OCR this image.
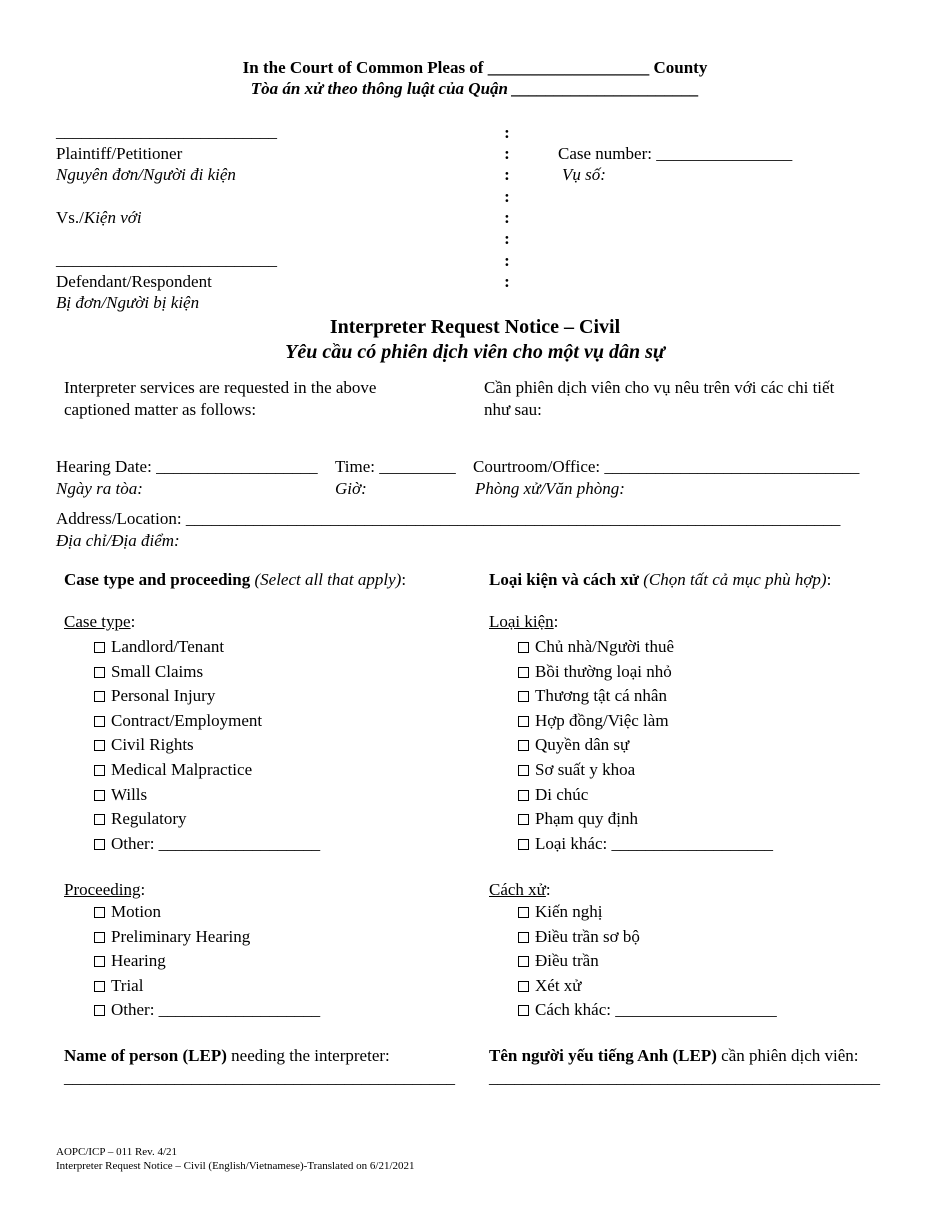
In the Court of Common Pleas of ___________________ County
Tòa án xử theo thông luật của Quận ______________________
__________________________
Plaintiff/Petitioner
Nguyên đơn/Người đi kiện
Vs./Kiện với
__________________________
Defendant/Respondent
Bị đơn/Người bị kiện
:
:
:
:
:
:
:
:
Case number: ________________
Vụ số:
Interpreter Request Notice – Civil
Yêu cầu có phiên dịch viên cho một vụ dân sự
Interpreter services are requested in the above
captioned matter as follows:
Cần phiên dịch viên cho vụ nêu trên với các chi tiết
như sau:
Hearing Date: ___________________ Time: _________ Courtroom/Office: ______________________________
Ngày ra tòa:	Giờ:	Phòng xử/Văn phòng:
Address/Location: _____________________________________________________________________________
Địa chỉ/Địa điểm:
Case type and proceeding (Select all that apply):	Loại kiện và cách xử (Chọn tất cả mục phù hợp):
Case type:	Loại kiện:
Landlord/Tenant
Small Claims
Personal Injury
Contract/Employment
Civil Rights
Medical Malpractice
Wills
Regulatory
Other: ___________________
Chủ nhà/Người thuê
Bồi thường loại nhỏ
Thương tật cá nhân
Hợp đồng/Việc làm
Quyền dân sự
Sơ suất y khoa
Di chúc
Phạm quy định
Loại khác: ___________________
Proceeding:	Cách xử:
Motion
Preliminary Hearing
Hearing
Trial
Other: ___________________
Kiến nghị
Điều trần sơ bộ
Điều trần
Xét xử
Cách khác: ___________________
Name of person (LEP) needing the interpreter:
______________________________________________
Tên người yếu tiếng Anh (LEP) cần phiên dịch viên:
______________________________________________
AOPC/ICP – 011 Rev. 4/21
Interpreter Request Notice – Civil (English/Vietnamese)-Translated on 6/21/2021
